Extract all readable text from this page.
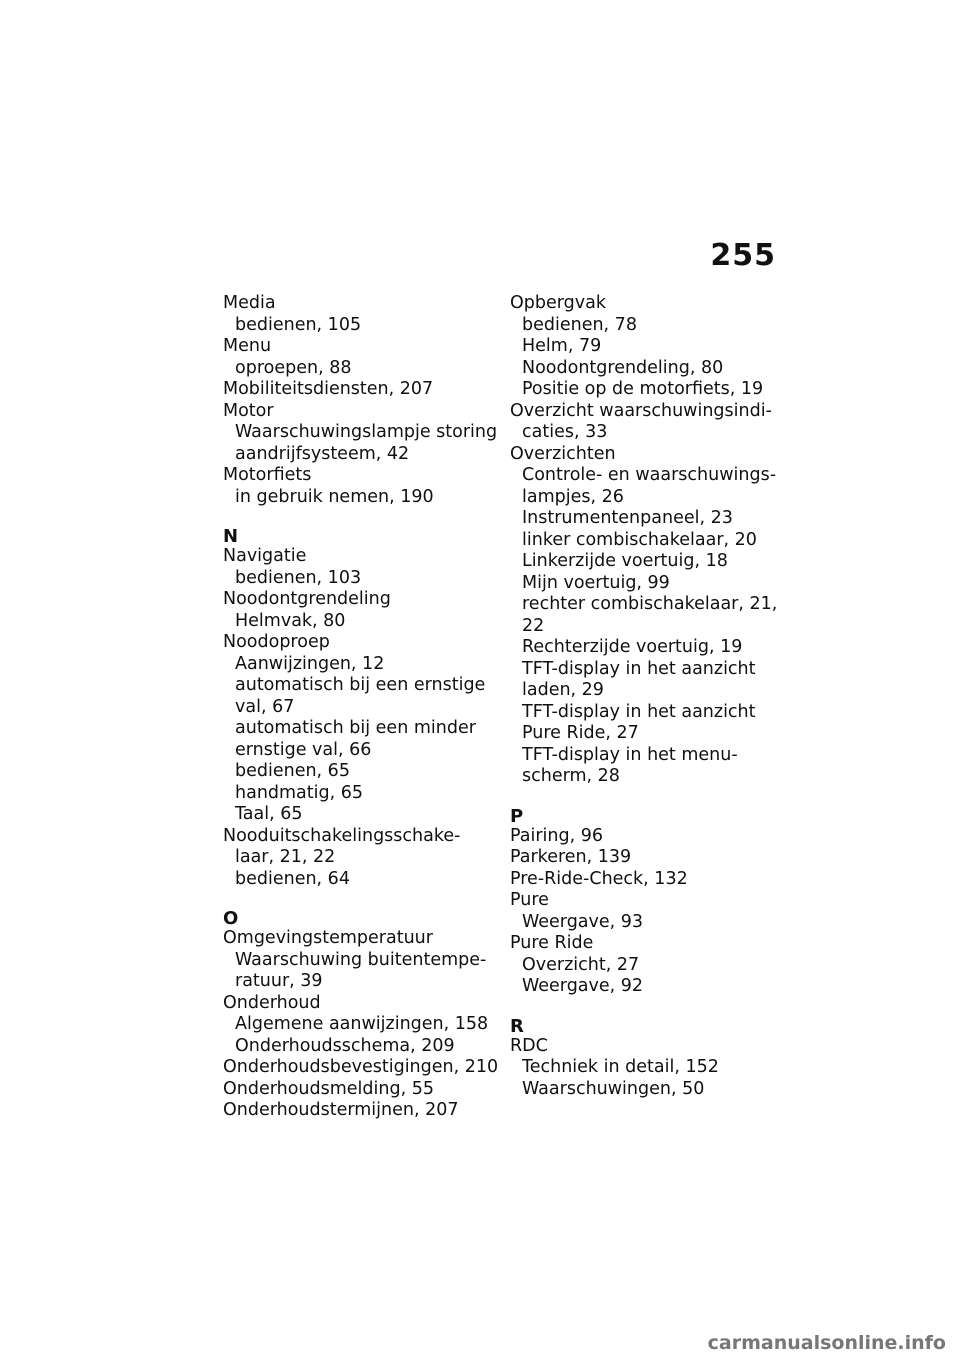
255
Media
bedienen, 105
Menu
oproepen, 88
Mobiliteitsdiensten, 207
Motor
Waarschuwingslampje storing
aandrijfsysteem, 42
Motorfiets
in gebruik nemen, 190
N
Navigatie
bedienen, 103
Noodontgrendeling
Helmvak, 80
Noodoproep
Aanwijzingen, 12
automatisch bij een ernstige
val, 67
automatisch bij een minder
ernstige val, 66
bedienen, 65
handmatig, 65
Taal, 65
Nooduitschakelingsschake-
laar, 21, 22
bedienen, 64
O
Omgevingstemperatuur
Waarschuwing buitentempe-
ratuur, 39
Onderhoud
Algemene aanwijzingen, 158
Onderhoudsschema, 209
Onderhoudsbevestigingen, 210
Onderhoudsmelding, 55
Onderhoudstermijnen, 207
Opbergvak
bedienen, 78
Helm, 79
Noodontgrendeling, 80
Positie op de motorfiets, 19
Overzicht waarschuwingsindi-
caties, 33
Overzichten
Controle- en waarschuwings-
lampjes, 26
Instrumentenpaneel, 23
linker combischakelaar, 20
Linkerzijde voertuig, 18
Mijn voertuig, 99
rechter combischakelaar, 21,
22
Rechterzijde voertuig, 19
TFT-display in het aanzicht
laden, 29
TFT-display in het aanzicht
Pure Ride, 27
TFT-display in het menu-
scherm, 28
P
Pairing, 96
Parkeren, 139
Pre-Ride-Check, 132
Pure
Weergave, 93
Pure Ride
Overzicht, 27
Weergave, 92
R
RDC
Techniek in detail, 152
Waarschuwingen, 50
carmanualsonline.info
